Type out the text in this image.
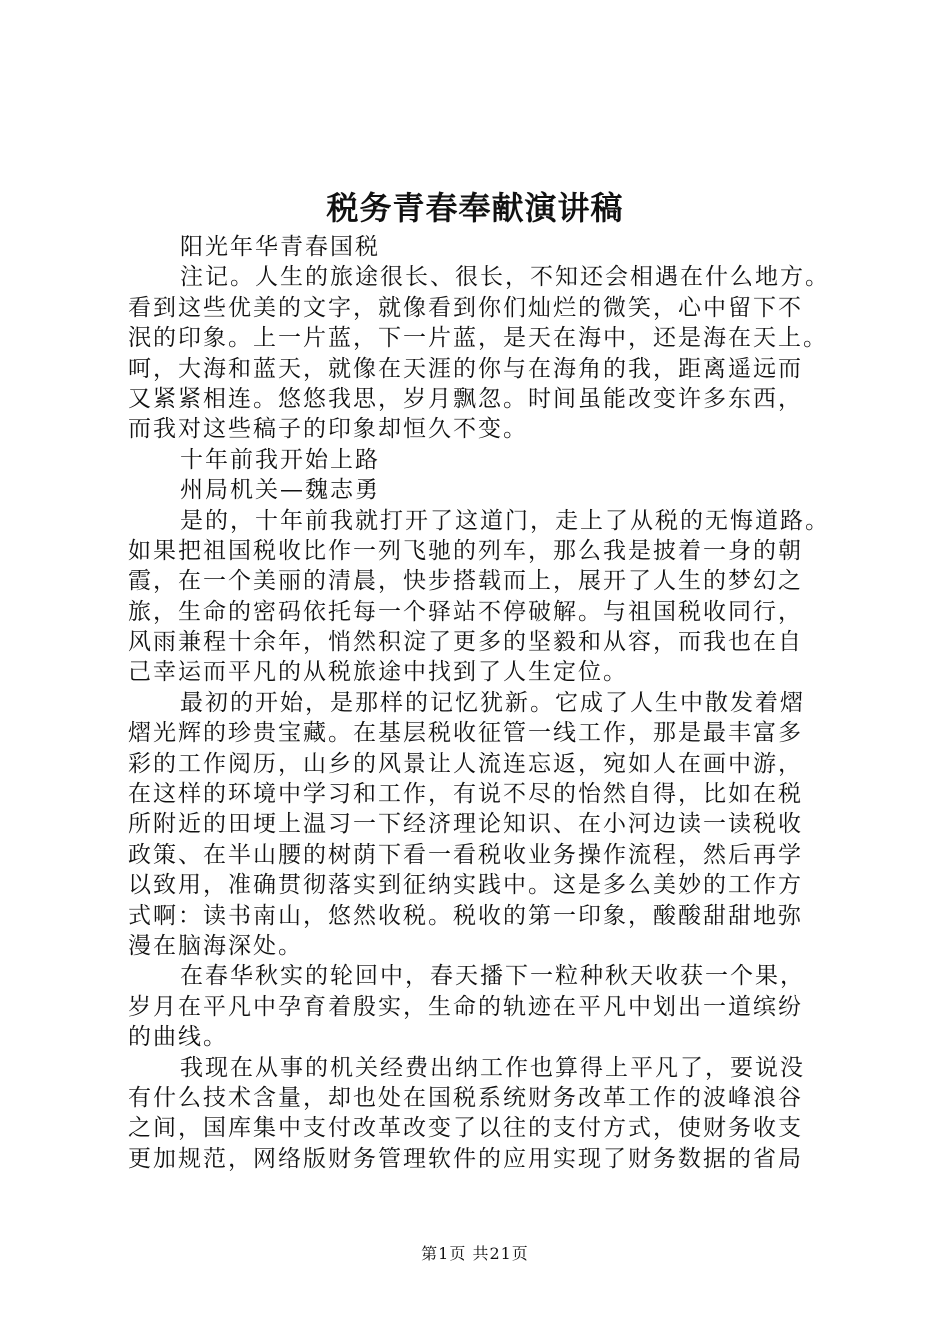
税务青春奉献演讲稿
阳光年华青春国税
注记。人生的旅途很长、很长，不知还会相遇在什么地方。
看到这些优美的文字，就像看到你们灿烂的微笑，心中留下不
泯的印象。上一片蓝，下一片蓝，是天在海中，还是海在天上。
呵，大海和蓝天，就像在天涯的你与在海角的我，距离遥远而
又紧紧相连。悠悠我思，岁月飘忽。时间虽能改变许多东西，
而我对这些稿子的印象却恒久不变。
十年前我开始上路
州局机关—魏志勇
是的，十年前我就打开了这道门，走上了从税的无悔道路。
如果把祖国税收比作一列飞驰的列车，那么我是披着一身的朝
霞，在一个美丽的清晨，快步搭载而上，展开了人生的梦幻之
旅，生命的密码依托每一个驿站不停破解。与祖国税收同行，
风雨兼程十余年，悄然积淀了更多的坚毅和从容，而我也在自
己幸运而平凡的从税旅途中找到了人生定位。
最初的开始，是那样的记忆犹新。它成了人生中散发着熠
熠光辉的珍贵宝藏。在基层税收征管一线工作，那是最丰富多
彩的工作阅历，山乡的风景让人流连忘返，宛如人在画中游，
在这样的环境中学习和工作，有说不尽的怡然自得，比如在税
所附近的田埂上温习一下经济理论知识、在小河边读一读税收
政策、在半山腰的树荫下看一看税收业务操作流程，然后再学
以致用，准确贯彻落实到征纳实践中。这是多么美妙的工作方
式啊：读书南山，悠然收税。税收的第一印象，酸酸甜甜地弥
漫在脑海深处。
在春华秋实的轮回中，春天播下一粒种秋天收获一个果，
岁月在平凡中孕育着殷实，生命的轨迹在平凡中划出一道缤纷
的曲线。
我现在从事的机关经费出纳工作也算得上平凡了，要说没
有什么技术含量，却也处在国税系统财务改革工作的波峰浪谷
之间，国库集中支付改革改变了以往的支付方式，使财务收支
更加规范，网络版财务管理软件的应用实现了财务数据的省局
第1页 共21页
